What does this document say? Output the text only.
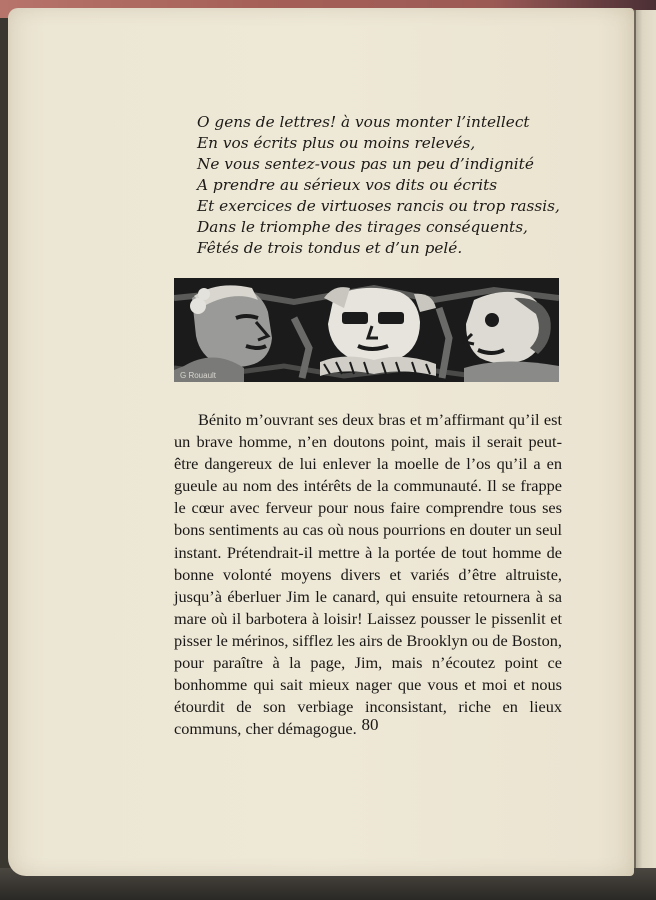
O gens de lettres! à vous monter l’intellect
En vos écrits plus ou moins relevés,
Ne vous sentez-vous pas un peu d’indignité
A prendre au sérieux vos dits ou écrits
Et exercices de virtuoses rancis ou trop rassis,
Dans le triomphe des tirages conséquents,
Fêtés de trois tondus et d’un pelé.
G Rouault

Bénito m’ouvrant ses deux bras et m’affirmant qu’il est un brave homme, n’en doutons point, mais il serait peut-être dangereux de lui enlever la moelle de l’os qu’il a en gueule au nom des intérêts de la communauté. Il se frappe le cœur avec ferveur pour nous faire comprendre tous ses bons sentiments au cas où nous pourrions en douter un seul instant. Prétendrait-il mettre à la portée de tout homme de bonne volonté moyens divers et variés d’être altruiste, jusqu’à éberluer Jim le canard, qui ensuite retournera à sa mare où il barbotera à loisir! Laissez pousser le pissenlit et pisser le mérinos, sifflez les airs de Brooklyn ou de Boston, pour paraître à la page, Jim, mais n’écoutez point ce bonhomme qui sait mieux nager que vous et moi et nous étourdit de son verbiage inconsistant, riche en lieux communs, cher démagogue. 80
